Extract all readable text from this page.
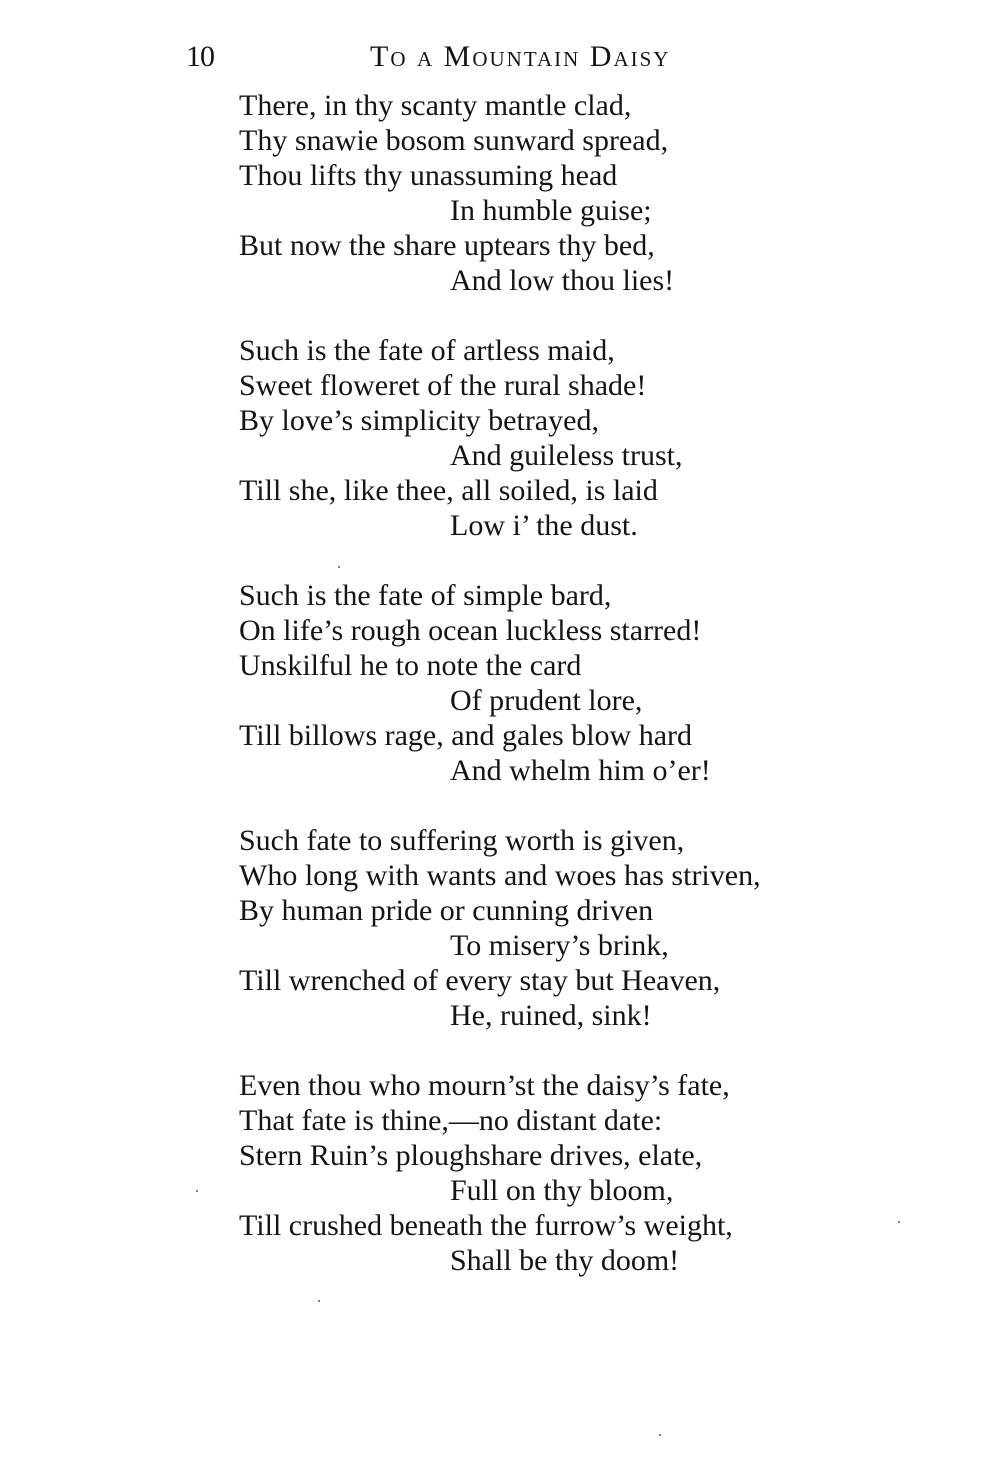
10	To a Mountain Daisy
There, in thy scanty mantle clad,
Thy snawie bosom sunward spread,
Thou lifts thy unassuming head
In humble guise;
But now the share uptears thy bed,
And low thou lies!
Such is the fate of artless maid,
Sweet floweret of the rural shade!
By love’s simplicity betrayed,
And guileless trust,
Till she, like thee, all soiled, is laid
Low i’ the dust.
Such is the fate of simple bard,
On life’s rough ocean luckless starred!
Unskilful he to note the card
Of prudent lore,
Till billows rage, and gales blow hard
And whelm him o’er!
Such fate to suffering worth is given,
Who long with wants and woes has striven,
By human pride or cunning driven
To misery’s brink,
Till wrenched of every stay but Heaven,
He, ruined, sink!
Even thou who mourn’st the daisy’s fate,
That fate is thine,—no distant date:
Stern Ruin’s ploughshare drives, elate,
Full on thy bloom,
Till crushed beneath the furrow’s weight,
Shall be thy doom!
